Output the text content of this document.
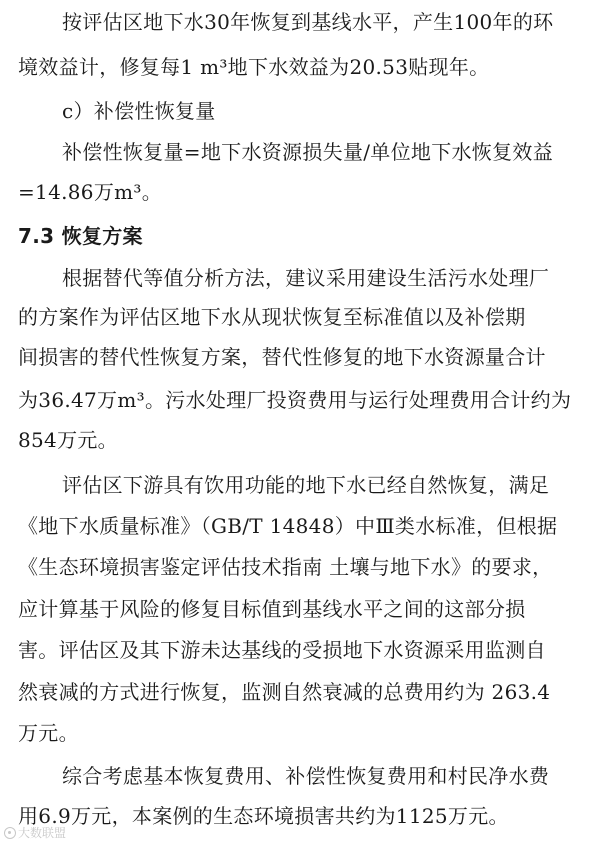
按评估区地下水30年恢复到基线水平，产生100年的环
境效益计，修复每1 m³地下水效益为20.53贴现年。
c）补偿性恢复量
补偿性恢复量=地下水资源损失量/单位地下水恢复效益
=14.86万m³。
7.3 恢复方案
根据替代等值分析方法，建议采用建设生活污水处理厂
的方案作为评估区地下水从现状恢复至标准值以及补偿期
间损害的替代性恢复方案，替代性修复的地下水资源量合计
为36.47万m³。污水处理厂投资费用与运行处理费用合计约为
854万元。
评估区下游具有饮用功能的地下水已经自然恢复，满足
《地下水质量标准》（GB/T 14848）中Ⅲ类水标准，但根据
《生态环境损害鉴定评估技术指南 土壤与地下水》的要求，
应计算基于风险的修复目标值到基线水平之间的这部分损
害。评估区及其下游未达基线的受损地下水资源采用监测自
然衰减的方式进行恢复，监测自然衰减的总费用约为 263.4
万元。
综合考虑基本恢复费用、补偿性恢复费用和村民净水费
用6.9万元，本案例的生态环境损害共约为1125万元。
大数联盟
